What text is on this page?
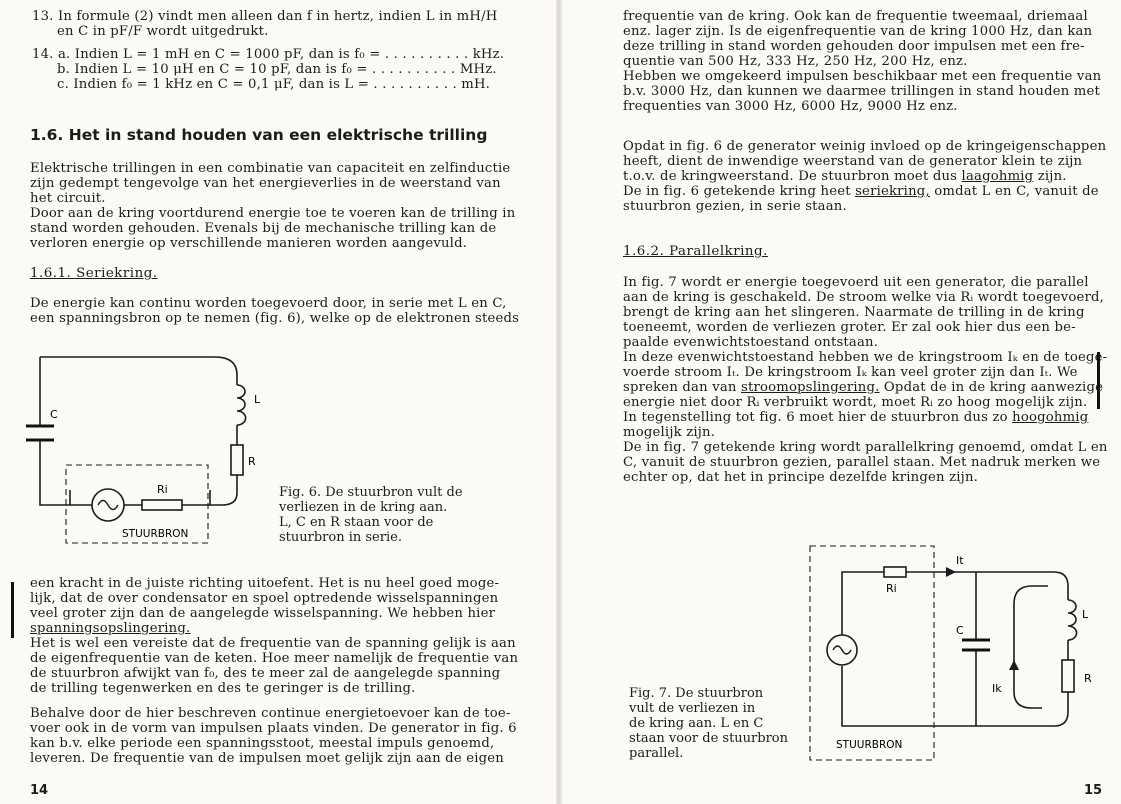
13. In formule (2) vindt men alleen dan f in hertz, indien L in mH/H
en C in pF/F wordt uitgedrukt.
14. a. Indien L = 1 mH en C = 1000 pF, dan is f₀ = . . . . . . . . . . kHz.
b. Indien L = 10 μH en C = 10 pF, dan is f₀ = . . . . . . . . . . MHz.
c. Indien f₀ = 1 kHz en C = 0,1 μF, dan is L = . . . . . . . . . . mH.
1.6. Het in stand houden van een elektrische trilling
Elektrische trillingen in een combinatie van capaciteit en zelfinductie
zijn gedempt tengevolge van het energieverlies in de weerstand van
het circuit.
Door aan de kring voortdurend energie toe te voeren kan de trilling in
stand worden gehouden. Evenals bij de mechanische trilling kan de
verloren energie op verschillende manieren worden aangevuld.
1.6.1. Seriekring.
De energie kan continu worden toegevoerd door, in serie met L en C,
een spanningsbron op te nemen (fig. 6), welke op de elektronen steeds
C
L
R
Ri
STUURBRON
Fig. 6. De stuurbron vult de
verliezen in de kring aan.
L, C en R staan voor de
stuurbron in serie.
een kracht in de juiste richting uitoefent. Het is nu heel goed moge-
lijk, dat de over condensator en spoel optredende wisselspanningen
veel groter zijn dan de aangelegde wisselspanning. We hebben hier
spanningsopslingering.
Het is wel een vereiste dat de frequentie van de spanning gelijk is aan
de eigenfrequentie van de keten. Hoe meer namelijk de frequentie van
de stuurbron afwijkt van f₀, des te meer zal de aangelegde spanning
de trilling tegenwerken en des te geringer is de trilling.
Behalve door de hier beschreven continue energietoevoer kan de toe-
voer ook in de vorm van impulsen plaats vinden. De generator in fig. 6
kan b.v. elke periode een spanningsstoot, meestal impuls genoemd,
leveren. De frequentie van de impulsen moet gelijk zijn aan de eigen
14
frequentie van de kring. Ook kan de frequentie tweemaal, driemaal
enz. lager zijn. Is de eigenfrequentie van de kring 1000 Hz, dan kan
deze trilling in stand worden gehouden door impulsen met een fre-
quentie van 500 Hz, 333 Hz, 250 Hz, 200 Hz, enz.
Hebben we omgekeerd impulsen beschikbaar met een frequentie van
b.v. 3000 Hz, dan kunnen we daarmee trillingen in stand houden met
frequenties van 3000 Hz, 6000 Hz, 9000 Hz enz.
Opdat in fig. 6 de generator weinig invloed op de kringeigenschappen
heeft, dient de inwendige weerstand van de generator klein te zijn
t.o.v. de kringweerstand. De stuurbron moet dus laagohmig zijn.
De in fig. 6 getekende kring heet seriekring, omdat L en C, vanuit de
stuurbron gezien, in serie staan.
1.6.2. Parallelkring.
In fig. 7 wordt er energie toegevoerd uit een generator, die parallel
aan de kring is geschakeld. De stroom welke via Rᵢ wordt toegevoerd,
brengt de kring aan het slingeren. Naarmate de trilling in de kring
toeneemt, worden de verliezen groter. Er zal ook hier dus een be-
paalde evenwichtstoestand ontstaan.
In deze evenwichtstoestand hebben we de kringstroom Iₖ en de toege-
voerde stroom Iₜ. De kringstroom Iₖ kan veel groter zijn dan Iₜ. We
spreken dan van stroomopslingering. Opdat de in de kring aanwezige
energie niet door Rᵢ verbruikt wordt, moet Rᵢ zo hoog mogelijk zijn.
In tegenstelling tot fig. 6 moet hier de stuurbron dus zo hoogohmig
mogelijk zijn.
De in fig. 7 getekende kring wordt parallelkring genoemd, omdat L en
C, vanuit de stuurbron gezien, parallel staan. Met nadruk merken we
echter op, dat het in principe dezelfde kringen zijn.
It
Ri
C
L
Ik
R
STUURBRON
Fig. 7. De stuurbron
vult de verliezen in
de kring aan. L en C
staan voor de stuurbron
parallel.
15
